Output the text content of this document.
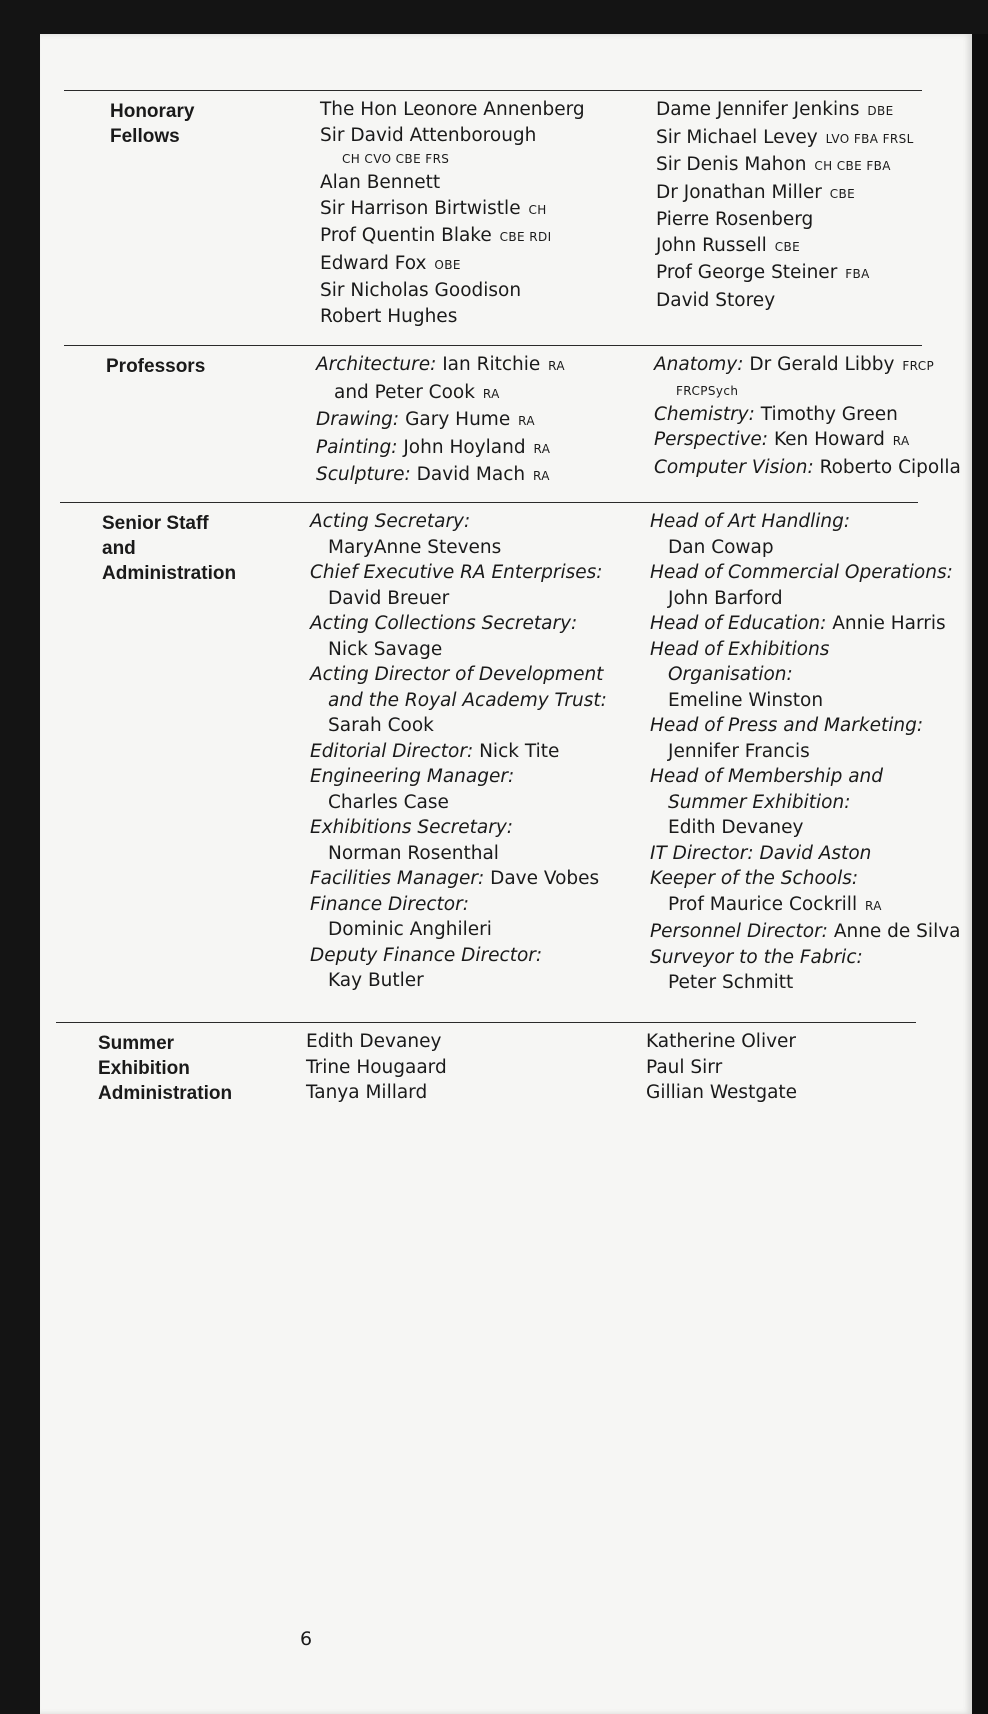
Honorary
Fellows
The Hon Leonore Annenberg
Sir David Attenborough
CH CVO CBE FRS
Alan Bennett
Sir Harrison Birtwistle CH
Prof Quentin Blake CBE RDI
Edward Fox OBE
Sir Nicholas Goodison
Robert Hughes
Dame Jennifer Jenkins DBE
Sir Michael Levey LVO FBA FRSL
Sir Denis Mahon CH CBE FBA
Dr Jonathan Miller CBE
Pierre Rosenberg
John Russell CBE
Prof George Steiner FBA
David Storey
Professors	Architecture: Ian Ritchie RA
and Peter Cook RA
Drawing: Gary Hume RA
Painting: John Hoyland RA
Sculpture: David Mach RA
Anatomy: Dr Gerald Libby FRCP
FRCPSych
Chemistry: Timothy Green
Perspective: Ken Howard RA
Computer Vision: Roberto Cipolla
Senior Staff
and
Administration
Acting Secretary:
MaryAnne Stevens
Chief Executive RA Enterprises:
David Breuer
Acting Collections Secretary:
Nick Savage
Acting Director of Development
and the Royal Academy Trust:
Sarah Cook
Editorial Director: Nick Tite
Engineering Manager:
Charles Case
Exhibitions Secretary:
Norman Rosenthal
Facilities Manager: Dave Vobes
Finance Director:
Dominic Anghileri
Deputy Finance Director:
Kay Butler
Head of Art Handling:
Dan Cowap
Head of Commercial Operations:
John Barford
Head of Education: Annie Harris
Head of Exhibitions
Organisation:
Emeline Winston
Head of Press and Marketing:
Jennifer Francis
Head of Membership and
Summer Exhibition:
Edith Devaney
IT Director: David Aston
Keeper of the Schools:
Prof Maurice Cockrill RA
Personnel Director: Anne de Silva
Surveyor to the Fabric:
Peter Schmitt
Summer
Exhibition
Administration
Edith Devaney
Trine Hougaard
Tanya Millard
Katherine Oliver
Paul Sirr
Gillian Westgate
6
